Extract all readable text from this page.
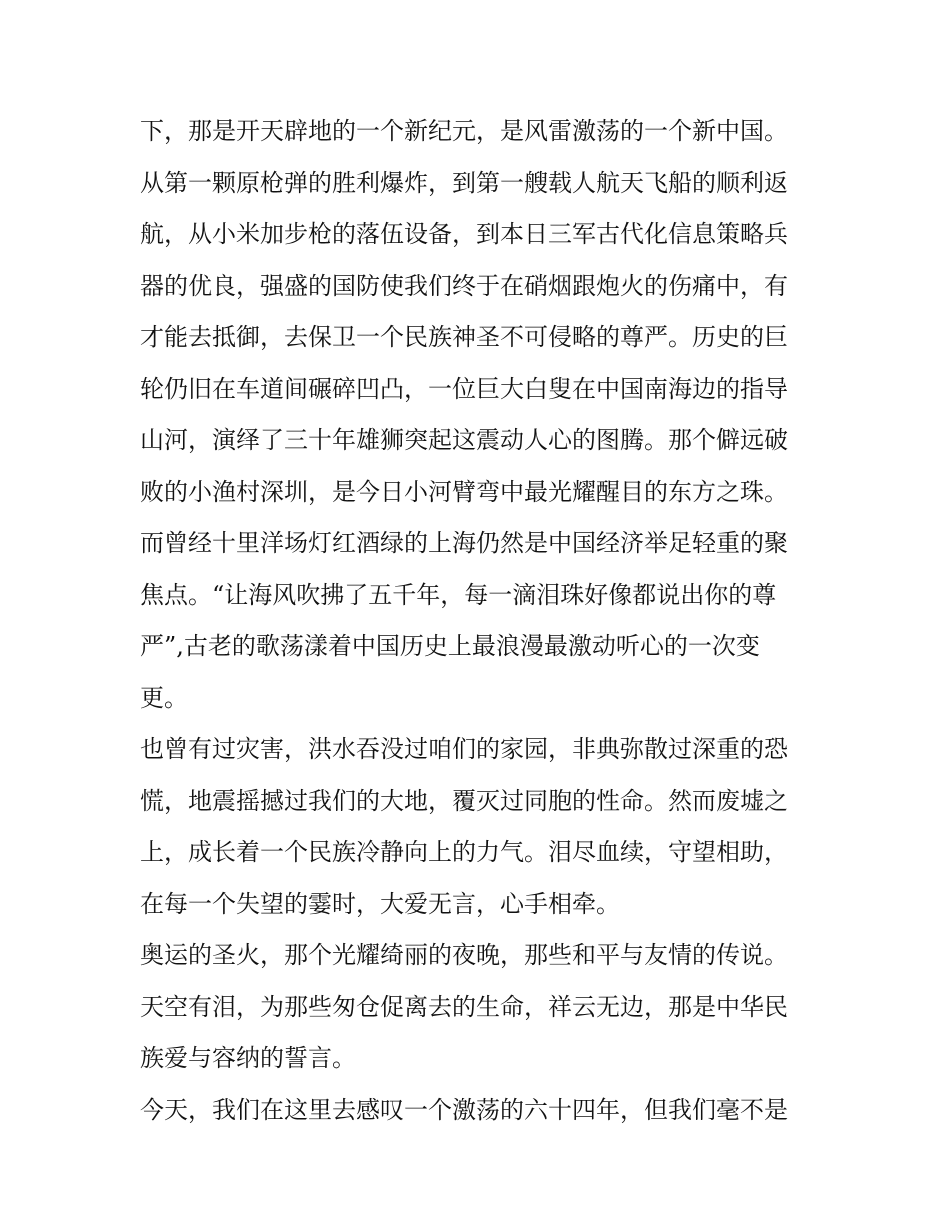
下，那是开天辟地的一个新纪元，是风雷激荡的一个新中国。
从第一颗原枪弹的胜利爆炸，到第一艘载人航天飞船的顺利返
航，从小米加步枪的落伍设备，到本日三军古代化信息策略兵
器的优良，强盛的国防使我们终于在硝烟跟炮火的伤痛中，有
才能去抵御，去保卫一个民族神圣不可侵略的尊严。历史的巨
轮仍旧在车道间碾碎凹凸，一位巨大白叟在中国南海边的指导
山河，演绎了三十年雄狮突起这震动人心的图腾。那个僻远破
败的小渔村深圳，是今日小河臂弯中最光耀醒目的东方之珠。
而曾经十里洋场灯红酒绿的上海仍然是中国经济举足轻重的聚
焦点。“让海风吹拂了五千年，每一滴泪珠好像都说出你的尊
严”,古老的歌荡漾着中国历史上最浪漫最激动听心的一次变
更。
也曾有过灾害，洪水吞没过咱们的家园，非典弥散过深重的恐
慌，地震摇撼过我们的大地，覆灭过同胞的性命。然而废墟之
上，成长着一个民族冷静向上的力气。泪尽血续，守望相助，
在每一个失望的霎时，大爱无言，心手相牵。
奥运的圣火，那个光耀绮丽的夜晚，那些和平与友情的传说。
天空有泪，为那些匆仓促离去的生命，祥云无边，那是中华民
族爱与容纳的誓言。
今天，我们在这里去感叹一个激荡的六十四年，但我们毫不是
